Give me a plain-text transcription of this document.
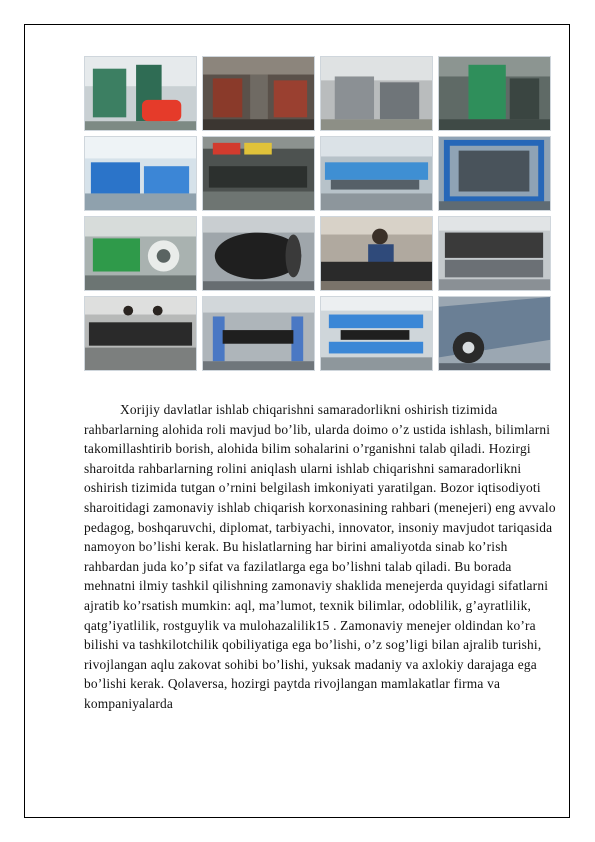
Xorijiy davlatlar ishlab chiqarishni samaradorlikni oshirish tizimida rahbarlarning alohida roli mavjud bo’lib, ularda doimo o’z ustida ishlash, bilimlarni takomillashtirib borish, alohida bilim sohalarini o’rganishni talab qiladi. Hozirgi sharoitda rahbarlarning rolini aniqlash ularni ishlab chiqarishni samaradorlikni oshirish tizimida tutgan o’rnini belgilash imkoniyati yaratilgan. Bozor iqtisodiyoti sharoitidagi zamonaviy ishlab chiqarish korxonasining rahbari (menejeri) eng avvalo pedagog, boshqaruvchi, diplomat, tarbiyachi, innovator, insoniy mavjudot tariqasida namoyon bo’lishi kerak. Bu hislatlarning har birini amaliyotda sinab ko’rish rahbardan juda ko’p sifat va fazilatlarga ega bo’lishni talab qiladi. Bu borada mehnatni ilmiy tashkil qilishning zamonaviy shaklida menejerda quyidagi sifatlarni ajratib ko’rsatish mumkin: aql, ma’lumot, texnik bilimlar, odoblilik, g’ayratlilik, qatg’iyatlilik, rostguylik va mulohazalilik15 . Zamonaviy menejer oldindan ko’ra bilishi va tashkilotchilik qobiliyatiga ega bo’lishi, o’z sog’ligi bilan ajralib turishi, rivojlangan aqlu zakovat sohibi bo’lishi, yuksak madaniy va axlokiy darajaga ega bo’lishi kerak. Qolaversa, hozirgi paytda rivojlangan mamlakatlar firma va kompaniyalarda
